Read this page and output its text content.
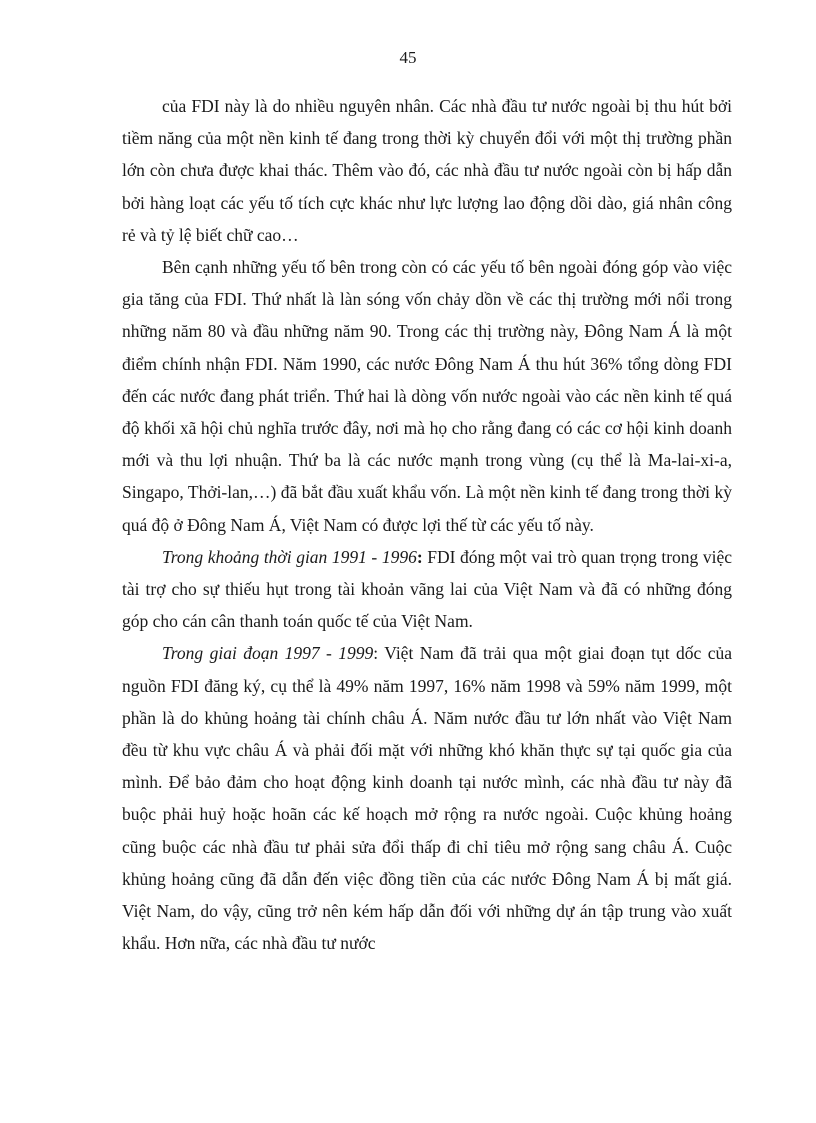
45

của FDI này là do nhiều nguyên nhân. Các nhà đầu tư nước ngoài bị thu hút bởi tiềm năng của một nền kinh tế đang trong thời kỳ chuyển đổi với một thị trường phần lớn còn chưa được khai thác. Thêm vào đó, các nhà đầu tư nước ngoài còn bị hấp dẫn bởi hàng loạt các yếu tố tích cực khác như lực lượng lao động dồi dào, giá nhân công rẻ và tỷ lệ biết chữ cao…

Bên cạnh những yếu tố bên trong còn có các yếu tố bên ngoài đóng góp vào việc gia tăng của FDI. Thứ nhất là làn sóng vốn chảy dồn về các thị trường mới nổi trong những năm 80 và đầu những năm 90. Trong các thị trường này, Đông Nam Á là một điểm chính nhận FDI. Năm 1990, các nước Đông Nam Á thu hút 36% tổng dòng FDI đến các nước đang phát triển. Thứ hai là dòng vốn nước ngoài vào các nền kinh tế quá độ khối xã hội chủ nghĩa trước đây, nơi mà họ cho rằng đang có các cơ hội kinh doanh mới và thu lợi nhuận. Thứ ba là các nước mạnh trong vùng (cụ thể là Ma-lai-xi-a, Singapo, Thởi-lan,…) đã bắt đầu xuất khẩu vốn. Là một nền kinh tế đang trong thời kỳ quá độ ở Đông Nam Á, Việt Nam có được lợi thế từ các yếu tố này.

Trong khoảng thời gian 1991 - 1996: FDI đóng một vai trò quan trọng trong việc tài trợ cho sự thiếu hụt trong tài khoản vãng lai của Việt Nam và đã có những đóng góp cho cán cân thanh toán quốc tế của Việt Nam.

Trong giai đoạn 1997 - 1999: Việt Nam đã trải qua một giai đoạn tụt dốc của nguồn FDI đăng ký, cụ thể là 49% năm 1997, 16% năm 1998 và 59% năm 1999, một phần là do khủng hoảng tài chính châu Á. Năm nước đầu tư lớn nhất vào Việt Nam đều từ khu vực châu Á và phải đối mặt với những khó khăn thực sự tại quốc gia của mình. Để bảo đảm cho hoạt động kinh doanh tại nước mình, các nhà đầu tư này đã buộc phải huỷ hoặc hoãn các kế hoạch mở rộng ra nước ngoài. Cuộc khủng hoảng cũng buộc các nhà đầu tư phải sửa đổi thấp đi chỉ tiêu mở rộng sang châu Á. Cuộc khủng hoảng cũng đã dẫn đến việc đồng tiền của các nước Đông Nam Á bị mất giá. Việt Nam, do vậy, cũng trở nên kém hấp dẫn đối với những dự án tập trung vào xuất khẩu. Hơn nữa, các nhà đầu tư nước
